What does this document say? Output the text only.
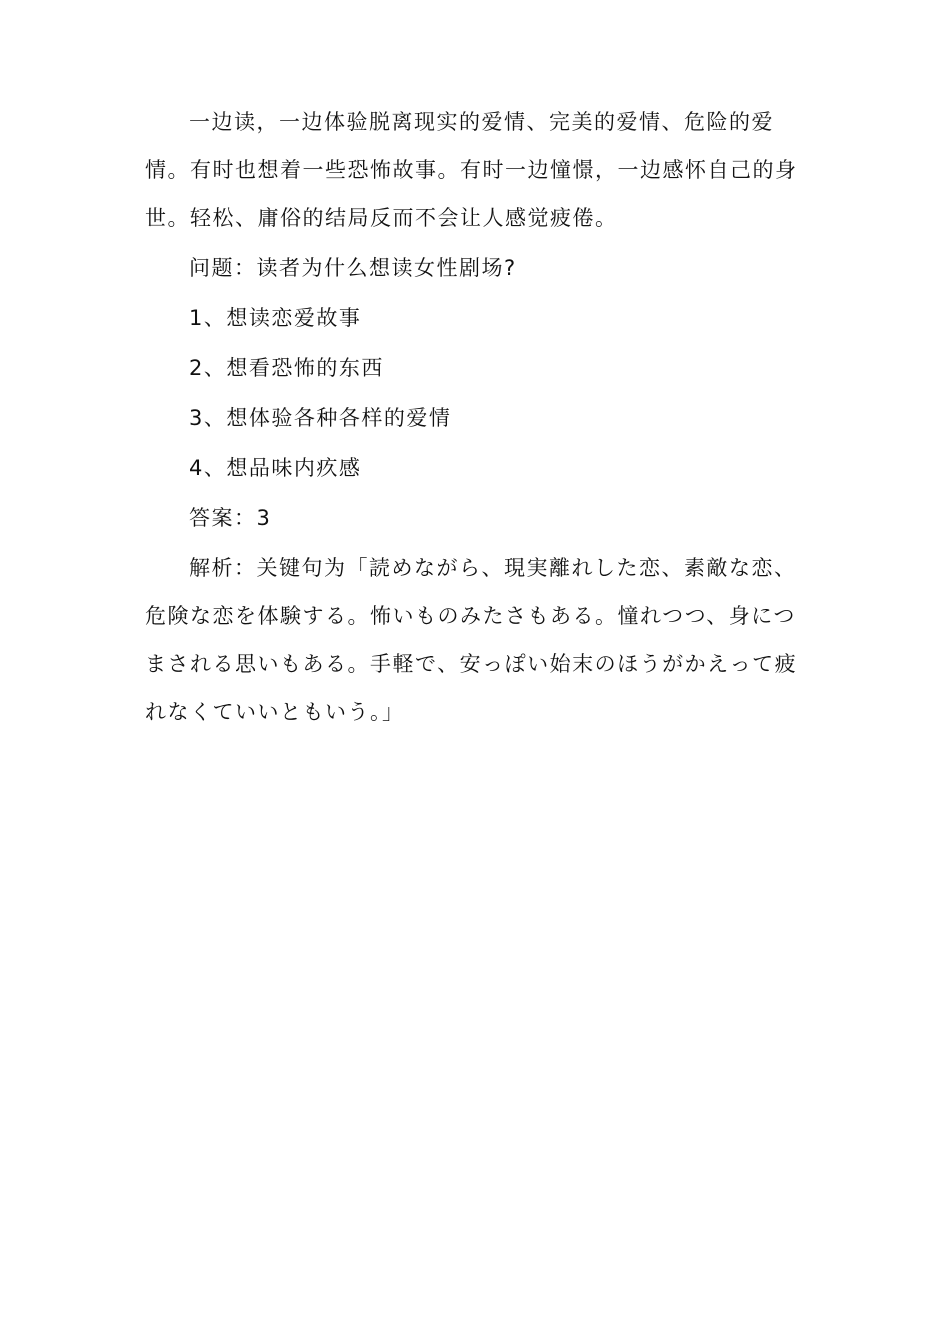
一边读，一边体验脱离现实的爱情、完美的爱情、危险的爱
情。有时也想着一些恐怖故事。有时一边憧憬，一边感怀自己的身
世。轻松、庸俗的结局反而不会让人感觉疲倦。
问题：读者为什么想读女性剧场?
1、想读恋爱故事
2、想看恐怖的东西
3、想体验各种各样的爱情
4、想品味内疚感
答案：3
解析：关键句为「読めながら、現実離れした恋、素敵な恋、
危険な恋を体験する。怖いものみたさもある。憧れつつ、身につ
まされる思いもある。手軽で、安っぽい始末のほうがかえって疲
れなくていいともいう。」
